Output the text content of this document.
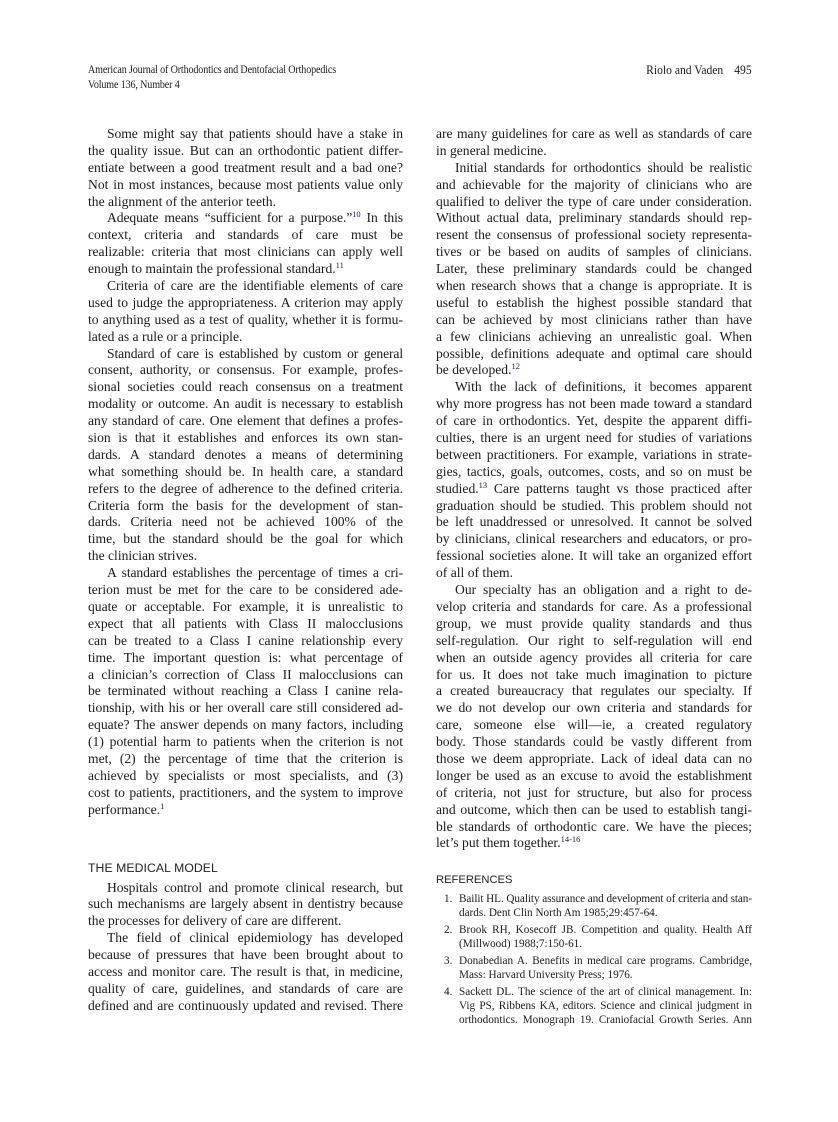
American Journal of Orthodontics and Dentofacial Orthopedics
Volume 136, Number 4
Riolo and Vaden 495
Some might say that patients should have a stake in
the quality issue. But can an orthodontic patient differ-
entiate between a good treatment result and a bad one?
Not in most instances, because most patients value only
the alignment of the anterior teeth.
Adequate means “sufficient for a purpose.”$^{10}$ In this
context, criteria and standards of care must be
realizable: criteria that most clinicians can apply well
enough to maintain the professional standard.$^{11}$
Criteria of care are the identifiable elements of care
used to judge the appropriateness. A criterion may apply
to anything used as a test of quality, whether it is formu-
lated as a rule or a principle.
Standard of care is established by custom or general
consent, authority, or consensus. For example, profes-
sional societies could reach consensus on a treatment
modality or outcome. An audit is necessary to establish
any standard of care. One element that defines a profes-
sion is that it establishes and enforces its own stan-
dards. A standard denotes a means of determining
what something should be. In health care, a standard
refers to the degree of adherence to the defined criteria.
Criteria form the basis for the development of stan-
dards. Criteria need not be achieved 100% of the
time, but the standard should be the goal for which
the clinician strives.
A standard establishes the percentage of times a cri-
terion must be met for the care to be considered ade-
quate or acceptable. For example, it is unrealistic to
expect that all patients with Class II malocclusions
can be treated to a Class I canine relationship every
time. The important question is: what percentage of
a clinician’s correction of Class II malocclusions can
be terminated without reaching a Class I canine rela-
tionship, with his or her overall care still considered ad-
equate? The answer depends on many factors, including
(1) potential harm to patients when the criterion is not
met, (2) the percentage of time that the criterion is
achieved by specialists or most specialists, and (3)
cost to patients, practitioners, and the system to improve
performance.$^1$
THE MEDICAL MODEL
Hospitals control and promote clinical research, but
such mechanisms are largely absent in dentistry because
the processes for delivery of care are different.
The field of clinical epidemiology has developed
because of pressures that have been brought about to
access and monitor care. The result is that, in medicine,
quality of care, guidelines, and standards of care are
defined and are continuously updated and revised. There
are many guidelines for care as well as standards of care
in general medicine.
Initial standards for orthodontics should be realistic
and achievable for the majority of clinicians who are
qualified to deliver the type of care under consideration.
Without actual data, preliminary standards should rep-
resent the consensus of professional society representa-
tives or be based on audits of samples of clinicians.
Later, these preliminary standards could be changed
when research shows that a change is appropriate. It is
useful to establish the highest possible standard that
can be achieved by most clinicians rather than have
a few clinicians achieving an unrealistic goal. When
possible, definitions adequate and optimal care should
be developed.$^{12}$
With the lack of definitions, it becomes apparent
why more progress has not been made toward a standard
of care in orthodontics. Yet, despite the apparent diffi-
culties, there is an urgent need for studies of variations
between practitioners. For example, variations in strate-
gies, tactics, goals, outcomes, costs, and so on must be
studied.$^{13}$ Care patterns taught vs those practiced after
graduation should be studied. This problem should not
be left unaddressed or unresolved. It cannot be solved
by clinicians, clinical researchers and educators, or pro-
fessional societies alone. It will take an organized effort
of all of them.
Our specialty has an obligation and a right to de-
velop criteria and standards for care. As a professional
group, we must provide quality standards and thus
self-regulation. Our right to self-regulation will end
when an outside agency provides all criteria for care
for us. It does not take much imagination to picture
a created bureaucracy that regulates our specialty. If
we do not develop our own criteria and standards for
care, someone else will—ie, a created regulatory
body. Those standards could be vastly different from
those we deem appropriate. Lack of ideal data can no
longer be used as an excuse to avoid the establishment
of criteria, not just for structure, but also for process
and outcome, which then can be used to establish tangi-
ble standards of orthodontic care. We have the pieces;
let’s put them together.$^{14-16}$
REFERENCES
1. Bailit HL. Quality assurance and development of criteria and stan-
dards. Dent Clin North Am 1985;29:457-64.
2. Brook RH, Kosecoff JB. Competition and quality. Health Aff
(Millwood) 1988;7:150-61.
3. Donabedian A. Benefits in medical care programs. Cambridge,
Mass: Harvard University Press; 1976.
4. Sackett DL. The science of the art of clinical management. In:
Vig PS, Ribbens KA, editors. Science and clinical judgment in
orthodontics. Monograph 19. Craniofacial Growth Series. Ann
